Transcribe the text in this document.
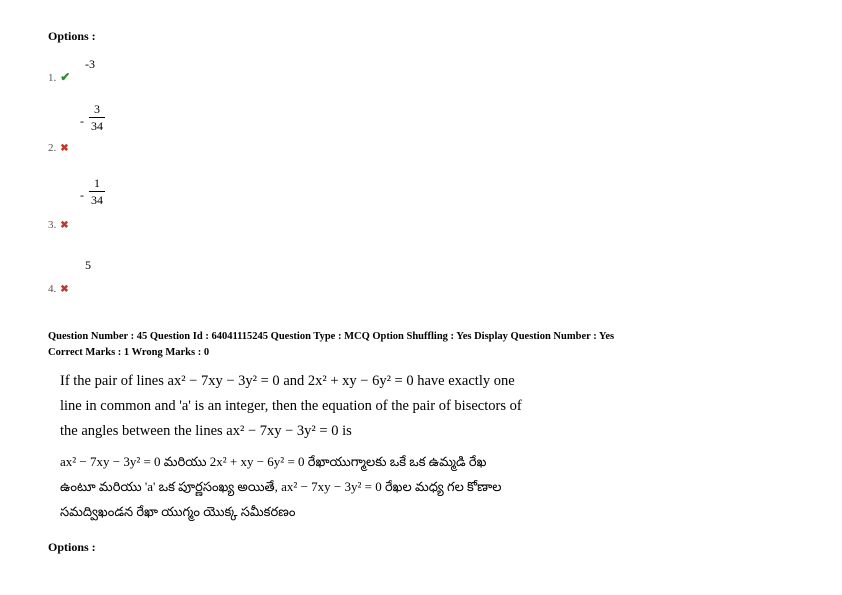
Options :
-3
1. ✔
- $\frac{3}{34}$
2. ✖
- $\frac{1}{34}$
3. ✖
5
4. ✖
Question Number : 45 Question Id : 64041115245 Question Type : MCQ Option Shuffling : Yes Display Question Number : Yes
Correct Marks : 1 Wrong Marks : 0
If the pair of lines ax² − 7xy − 3y² = 0 and 2x² + xy − 6y² = 0 have exactly one
line in common and 'a' is an integer, then the equation of the pair of bisectors of
the angles between the lines ax² − 7xy − 3y² = 0 is
ax² − 7xy − 3y² = 0 మరియు 2x² + xy − 6y² = 0 రేఖాయుగ్మాలకు ఒకే ఒక ఉమ్మడి రేఖ
ఉంటూ మరియు 'a' ఒక పూర్ణసంఖ్య అయితే, ax² − 7xy − 3y² = 0 రేఖల మధ్య గల కోణాల
సమద్విఖండన రేఖా యుగ్మం యొక్క సమీకరణం
Options :
